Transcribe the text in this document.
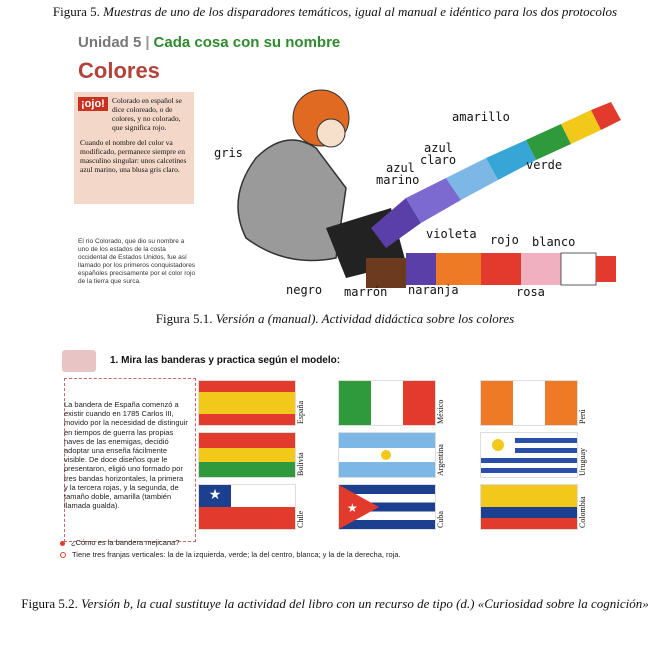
Figura 5. Muestras de uno de los disparadores temáticos, igual al manual e idéntico para los dos protocolos
Unidad 5 | Cada cosa con su nombre
Colores
¡ojo! Colorado en español se dice coloreado, o de colores, y no colorado, que significa rojo.
Cuando el nombre del color va modificado, permanece siempre en masculino singular: unos calcetines azul marino, una blusa gris claro.
El río Colorado, que dio su nombre a uno de los estados de la costa occidental de Estados Unidos, fue así llamado por los primeros conquistadores españoles precisamente por el color rojo de la tierra que surca.
gris
azul
marino
azul
claro
amarillo
verde
violeta rojo blanco
negro marrón naranja	rosa
Figura 5.1. Versión a (manual). Actividad didáctica sobre los colores
1. Mira las banderas y practica según el modelo:
La bandera de España comenzó a existir cuando en 1785 Carlos III, movido por la necesidad de distinguir en tiempos de guerra las propias naves de las enemigas, decidió adoptar una enseña fácilmente visible. De doce diseños que le presentaron, eligió uno formado por tres bandas horizontales, la primera y la tercera rojas, y la segunda, de tamaño doble, amarilla (también llamada gualda).
España	México	Perú
Bolivia	Argentina	Uruguay
★
Chile
★
Cuba	Colombia
¿Cómo es la bandera mejicana?
Tiene tres franjas verticales: la de la izquierda, verde; la del centro, blanca; y la de la derecha, roja.
Figura 5.2. Versión b, la cual sustituye la actividad del libro con un recurso de tipo (d.) «Curiosidad sobre la cognición»
